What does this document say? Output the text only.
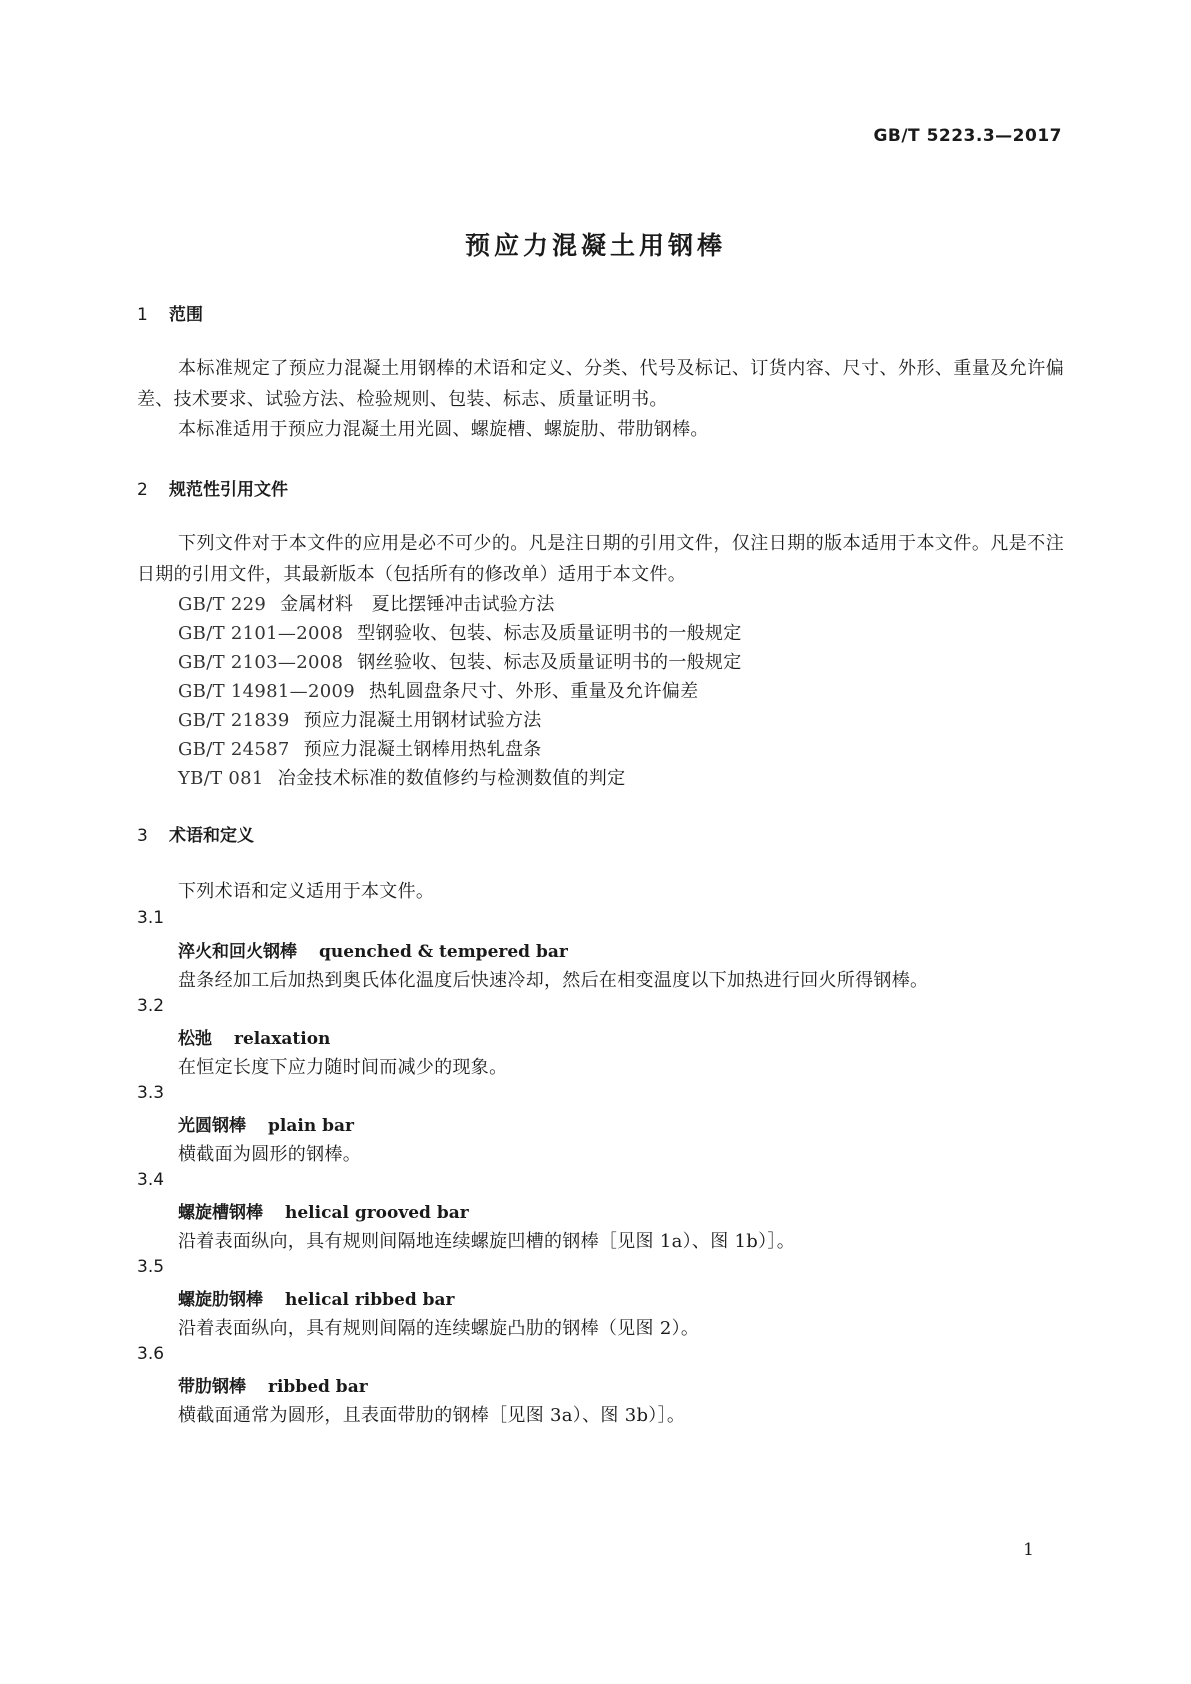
GB/T 5223.3—2017
预应力混凝土用钢棒
1 范围
本标准规定了预应力混凝土用钢棒的术语和定义、分类、代号及标记、订货内容、尺寸、外形、重量及允许偏差、技术要求、试验方法、检验规则、包装、标志、质量证明书。
本标准适用于预应力混凝土用光圆、螺旋槽、螺旋肋、带肋钢棒。
2 规范性引用文件
下列文件对于本文件的应用是必不可少的。凡是注日期的引用文件，仅注日期的版本适用于本文件。凡是不注日期的引用文件，其最新版本（包括所有的修改单）适用于本文件。
GB/T 229 金属材料　夏比摆锤冲击试验方法
GB/T 2101—2008 型钢验收、包装、标志及质量证明书的一般规定
GB/T 2103—2008 钢丝验收、包装、标志及质量证明书的一般规定
GB/T 14981—2009 热轧圆盘条尺寸、外形、重量及允许偏差
GB/T 21839 预应力混凝土用钢材试验方法
GB/T 24587 预应力混凝土钢棒用热轧盘条
YB/T 081 冶金技术标准的数值修约与检测数值的判定
3 术语和定义
下列术语和定义适用于本文件。
3.1
淬火和回火钢棒 quenched & tempered bar
盘条经加工后加热到奥氏体化温度后快速冷却，然后在相变温度以下加热进行回火所得钢棒。
3.2
松弛 relaxation
在恒定长度下应力随时间而减少的现象。
3.3
光圆钢棒 plain bar
横截面为圆形的钢棒。
3.4
螺旋槽钢棒 helical grooved bar
沿着表面纵向，具有规则间隔地连续螺旋凹槽的钢棒［见图 1a）、图 1b）］。
3.5
螺旋肋钢棒 helical ribbed bar
沿着表面纵向，具有规则间隔的连续螺旋凸肋的钢棒（见图 2）。
3.6
带肋钢棒 ribbed bar
横截面通常为圆形，且表面带肋的钢棒［见图 3a）、图 3b）］。
1
